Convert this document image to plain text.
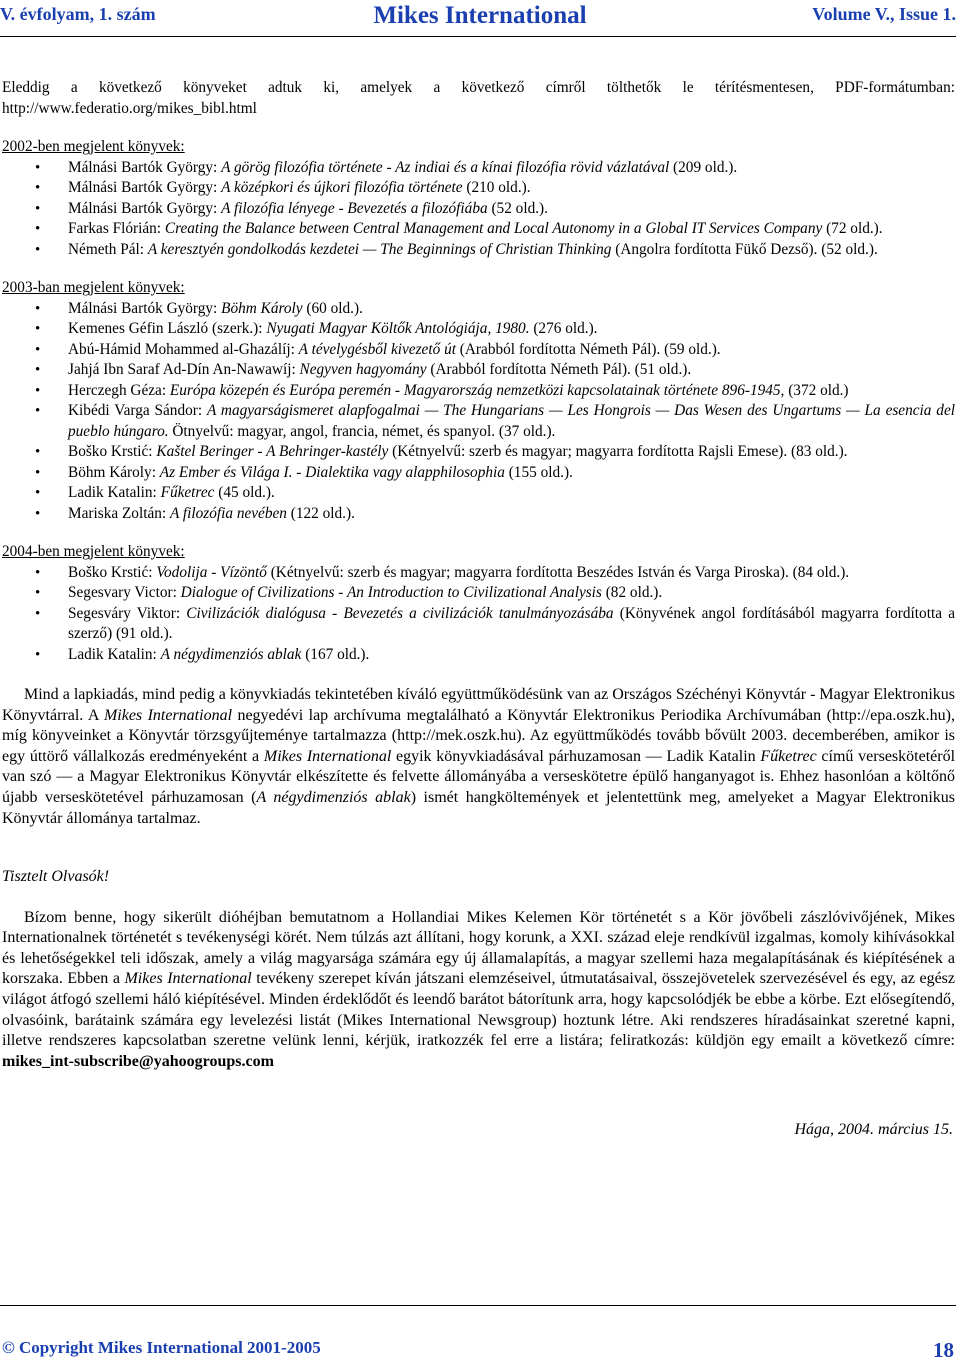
V. évfolyam, 1. szám	Mikes International	Volume V., Issue 1.

Eleddig a következő könyveket adtuk ki, amelyek a következő címről tölthetők le térítésmentesen, PDF-formátumban: http://www.federatio.org/mikes_bibl.html

2002-ben megjelent könyvek:

• Málnási Bartók György: A görög filozófia története - Az indiai és a kínai filozófia rövid vázlatával (209 old.).
• Málnási Bartók György: A középkori és újkori filozófia története (210 old.).
• Málnási Bartók György: A filozófia lényege - Bevezetés a filozófiába (52 old.).
• Farkas Flórián: Creating the Balance between Central Management and Local Autonomy in a Global IT Services Company (72 old.).
• Németh Pál: A keresztyén gondolkodás kezdetei — The Beginnings of Christian Thinking (Angolra fordította Fükő Dezső). (52 old.).

2003-ban megjelent könyvek:

• Málnási Bartók György: Böhm Károly (60 old.).
• Kemenes Géfin László (szerk.): Nyugati Magyar Költők Antológiája, 1980. (276 old.).
• Abú-Hámid Mohammed al-Ghazálíj: A tévelygésből kivezető út (Arabból fordította Németh Pál). (59 old.).
• Jahjá Ibn Saraf Ad-Dín An-Nawawíj: Negyven hagyomány (Arabból fordította Németh Pál). (51 old.).
• Herczegh Géza: Európa közepén és Európa peremén - Magyarország nemzetközi kapcsolatainak története 896-1945, (372 old.)
• Kibédi Varga Sándor: A magyarságismeret alapfogalmai — The Hungarians — Les Hongrois — Das Wesen des Ungartums — La esencia del pueblo húngaro. Ötnyelvű: magyar, angol, francia, német, és spanyol. (37 old.).
• Boško Krstić: Kaštel Beringer - A Behringer-kastély (Kétnyelvű: szerb és magyar; magyarra fordította Rajsli Emese). (83 old.).
• Böhm Károly: Az Ember és Világa I. - Dialektika vagy alapphilosophia (155 old.).
• Ladik Katalin: Fűketrec (45 old.).
• Mariska Zoltán: A filozófia nevében (122 old.).

2004-ben megjelent könyvek:

• Boško Krstić: Vodolija - Vízöntő (Kétnyelvű: szerb és magyar; magyarra fordította Beszédes István és Varga Piroska). (84 old.).
• Segesvary Victor: Dialogue of Civilizations - An Introduction to Civilizational Analysis (82 old.).
• Segesváry Viktor: Civilizációk dialógusa - Bevezetés a civilizációk tanulmányozásába (Könyvének angol fordításából magyarra fordította a szerző) (91 old.).
• Ladik Katalin: A négydimenziós ablak (167 old.).

Mind a lapkiadás, mind pedig a könyvkiadás tekintetében kíváló együttműködésünk van az Országos Széchényi Könyvtár - Magyar Elektronikus Könyvtárral. A Mikes International negyedévi lap archívuma megtalálható a Könyvtár Elektronikus Periodika Archívumában (http://epa.oszk.hu), míg könyveinket a Könyvtár törzsgyűjteménye tartalmazza (http://mek.oszk.hu). Az együttműködés tovább bővült 2003. decemberében, amikor is egy úttörő vállalkozás eredményeként a Mikes International egyik könyvkiadásával párhuzamosan — Ladik Katalin Fűketrec című verseskötetéről van szó — a Magyar Elektronikus Könyvtár elkészítette és felvette állományába a verseskötetre épülő hanganyagot is. Ehhez hasonlóan a költőnő újabb verseskötetével párhuzamosan (A négydimenziós ablak) ismét hangköltemények et jelentettünk meg, amelyeket a Magyar Elektronikus Könyvtár állománya tartalmaz.

Tisztelt Olvasók!

Bízom benne, hogy sikerült dióhéjban bemutatnom a Hollandiai Mikes Kelemen Kör történetét s a Kör jövőbeli zászlóvivőjének, Mikes Internationalnek történetét s tevékenységi körét. Nem túlzás azt állítani, hogy korunk, a XXI. század eleje rendkívül izgalmas, komoly kihívásokkal és lehetőségekkel teli időszak, amely a világ magyarsága számára egy új államalapítás, a magyar szellemi haza megalapításának és kiépítésének a korszaka. Ebben a Mikes International tevékeny szerepet kíván játszani elemzéseivel, útmutatásaival, összejövetelek szervezésével és egy, az egész világot átfogó szellemi háló kiépítésével. Minden érdeklődőt és leendő barátot bátorítunk arra, hogy kapcsolódjék be ebbe a körbe. Ezt elősegítendő, olvasóink, barátaink számára egy levelezési listát (Mikes International Newsgroup) hoztunk létre. Aki rendszeres híradásainkat szeretné kapni, illetve rendszeres kapcsolatban szeretne velünk lenni, kérjük, iratkozzék fel erre a listára; feliratkozás: küldjön egy emailt a következő címre: mikes_int-subscribe@yahoogroups.com

Hága, 2004. március 15.

© Copyright Mikes International 2001-2005	18
